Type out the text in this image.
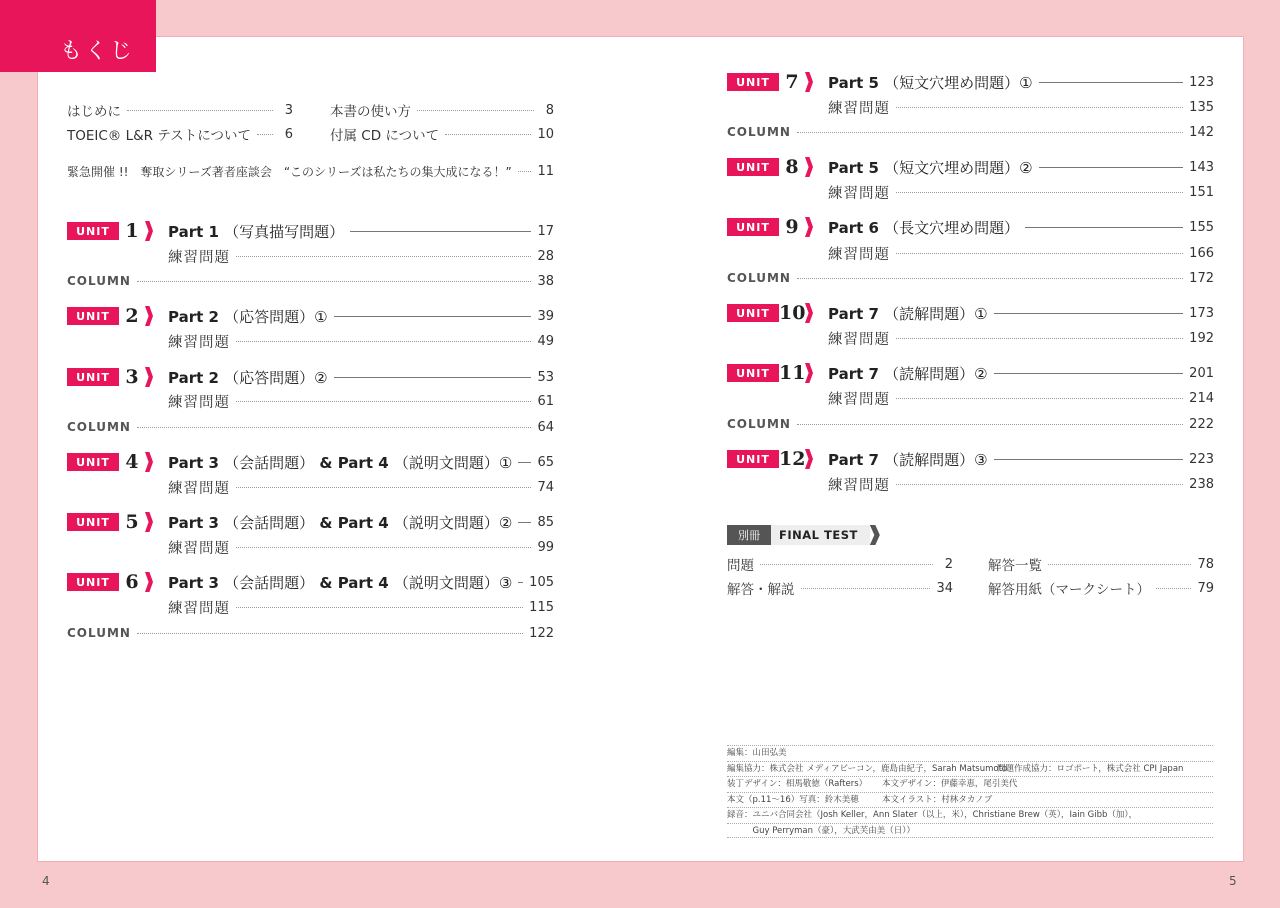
もくじ
4	5
はじめに	3	本書の使い方	8
TOEIC® L&R テストについて	6	付属 CD について	10
緊急開催 !!　奪取シリーズ著者座談会　“このシリーズは私たちの集大成になる！” 11
UNIT 1	Part 1 （写真描写問題）	17
練習問題	28
COLUMN	38
UNIT 2	Part 2 （応答問題）①	39
練習問題	49
UNIT 3	Part 2 （応答問題）②	53
練習問題	61
COLUMN	64
UNIT 4	Part 3 （会話問題） & Part 4 （説明文問題）① 65
練習問題	74
UNIT 5	Part 3 （会話問題） & Part 4 （説明文問題）② 85
練習問題	99
UNIT 6	Part 3 （会話問題） & Part 4 （説明文問題）③ 105
練習問題	115
COLUMN	122
UNIT 7	Part 5 （短文穴埋め問題）①	123
練習問題	135
COLUMN	142
UNIT 8	Part 5 （短文穴埋め問題）②	143
練習問題	151
UNIT 9	Part 6 （長文穴埋め問題）	155
練習問題	166
COLUMN	172
UNIT 10 Part 7 （読解問題）①	173
練習問題	192
UNIT 11 Part 7 （読解問題）②	201
練習問題	214
COLUMN	222
UNIT 12 Part 7 （読解問題）③	223
練習問題	238
別冊	FINAL TEST
問題	2	解答一覧	78
解答・解説	34	解答用紙（マークシート）	79
編集：山田弘美
編集協力：株式会社 メディアビーコン，鹿島由紀子，Sarah Matsumoto
問題作成協力：ロゴポート，株式会社 CPI Japan
装丁デザイン：相馬敬徳（Rafters） 本文デザイン：伊藤幸恵，尾引美代
本文（p.11～16）写真：鈴木美穂	本文イラスト：村林タカノブ
録音：ユニバ合同会社（Josh Keller，Ann Slater（以上，米），Christiane Brew（英），Iain Gibb（加），
　　　Guy Perryman（豪），大武芙由美（日））
